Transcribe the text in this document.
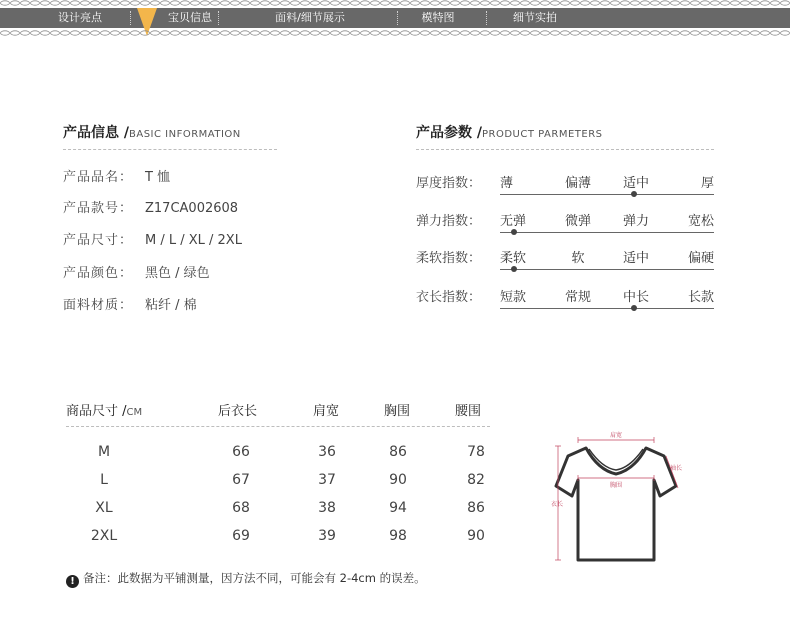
设计亮点	宝贝信息	面料/细节展示	模特图	细节实拍
产品信息 /BASIC INFORMATION
产品品名： T 恤
产品款号： Z17CA002608
产品尺寸： M / L / XL / 2XL
产品颜色： 黑色 / 绿色
面料材质： 粘纤 / 棉
产品参数 /PRODUCT PARMETERS
厚度指数： 薄	偏薄	适中	厚
弹力指数： 无弹	微弹	弹力	宽松
柔软指数： 柔软	软	适中	偏硬
衣长指数： 短款	常规	中长	长款
商品尺寸 /CM	后衣长	肩宽	胸围	腰围
M	66	36	86	78
L	67	37	90	82
XL	68	38	94	86
2XL	69	39	98	90
肩宽
胸围
衣长
袖长
! 备注：此数据为平铺测量，因方法不同，可能会有 2-4cm 的误差。
